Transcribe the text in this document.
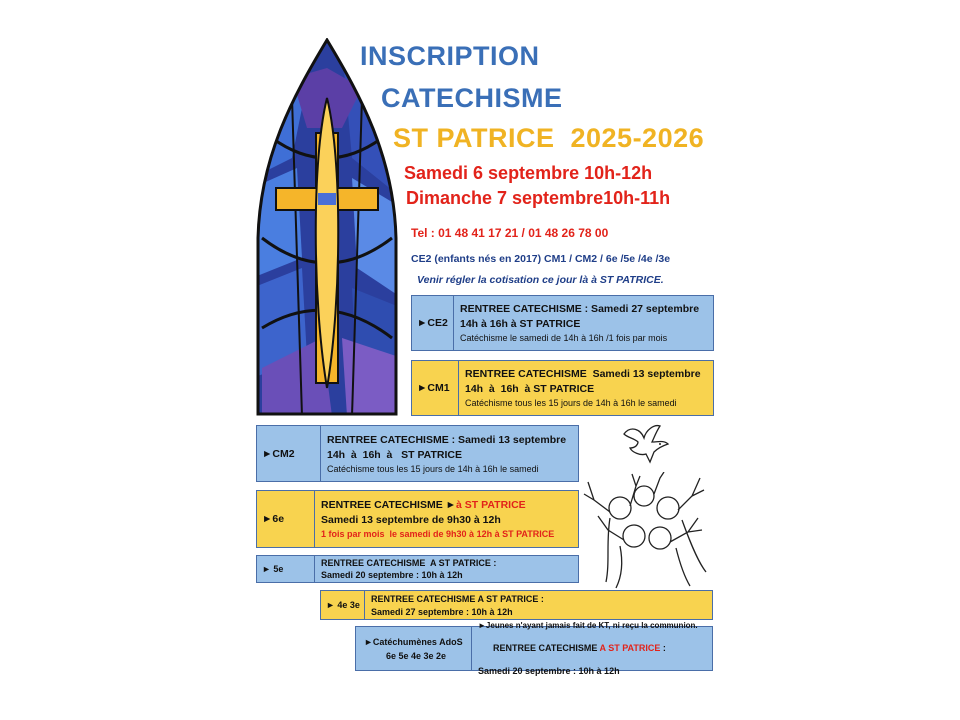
INSCRIPTION
CATECHISME
ST PATRICE  2025-2026
Samedi 6 septembre 10h-12h
Dimanche 7 septembre10h-11h
Tel : 01 48 41 17 21 / 01 48 26 78 00
CE2 (enfants nés en 2017) CM1 / CM2 / 6e /5e /4e /3e
Venir régler la cotisation ce jour là à ST PATRICE.
►CE2
RENTREE CATECHISME : Samedi 27 septembre
14h à 16h à ST PATRICE
Catéchisme le samedi de 14h à 16h /1 fois par mois
►CM1
RENTREE CATECHISME  Samedi 13 septembre
14h  à  16h  à ST PATRICE
Catéchisme tous les 15 jours de 14h à 16h le samedi
►CM2
RENTREE CATECHISME : Samedi 13 septembre
14h  à  16h  à   ST PATRICE
Catéchisme tous les 15 jours de 14h à 16h le samedi
►6e
RENTREE CATECHISME ►à ST PATRICE
Samedi 13 septembre de 9h30 à 12h
1 fois par mois  le samedi de 9h30 à 12h à ST PATRICE
► 5e
RENTREE CATECHISME  A ST PATRICE :
Samedi 20 septembre : 10h à 12h
► 4e 3e
RENTREE CATECHISME A ST PATRICE :
Samedi 27 septembre : 10h à 12h
►Catéchumènes AdoS
6e 5e 4e 3e 2e
►Jeunes n'ayant jamais fait de KT, ni reçu la communion.

RENTREE CATECHISME A ST PATRICE :

Samedi 20 septembre : 10h à 12h
